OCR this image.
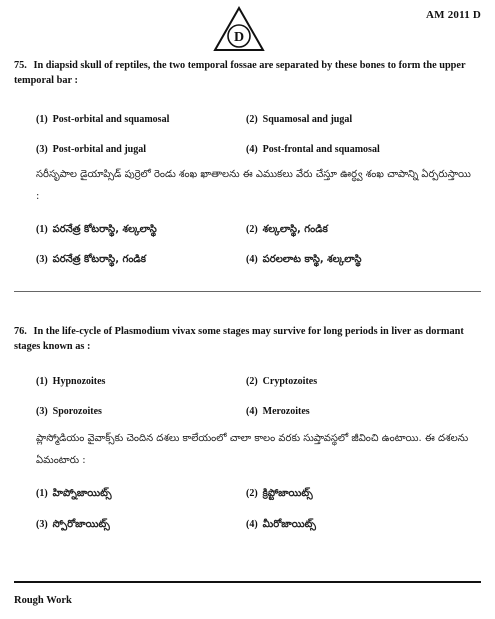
AM 2011 D
D
75. In diapsid skull of reptiles, the two temporal fossae are separated by these bones to form the upper temporal bar :
(1) Post-orbital and squamosal	(2) Squamosal and jugal
(3) Post-orbital and jugal	(4) Post-frontal and squamosal
సరీసృపాల డైయాప్సిడ్ పుర్రెలో రెండు శంఖ ఖాతాలను ఈ ఎముకలు వేరు చేస్తూ ఊర్ధ్వ శంఖ చాపాన్ని ఏర్పరుస్తాయి :
(1) పరనేత్ర కోటరాస్థి, శల్కలాస్థి	(2) శల్కలాస్థి, గండిక
(3) పరనేత్ర కోటరాస్థి, గండిక	(4) పరలలాట కాస్థి, శల్కలాస్థి
76. In the life-cycle of Plasmodium vivax some stages may survive for long periods in liver as dormant stages known as :
(1) Hypnozoites	(2) Cryptozoites
(3) Sporozoites	(4) Merozoites
ప్లాస్మోడియం వైవాక్స్‌కు చెందిన దశలు కాలేయంలో చాలా కాలం వరకు సుప్తావస్థలో జీవించి ఉంటాయి. ఈ దశలను ఏమంటారు :
(1) హిప్నోజాయిట్స్	(2) క్రిప్టోజాయిట్స్
(3) స్పోరోజాయిట్స్	(4) మీరోజాయిట్స్
Rough Work
